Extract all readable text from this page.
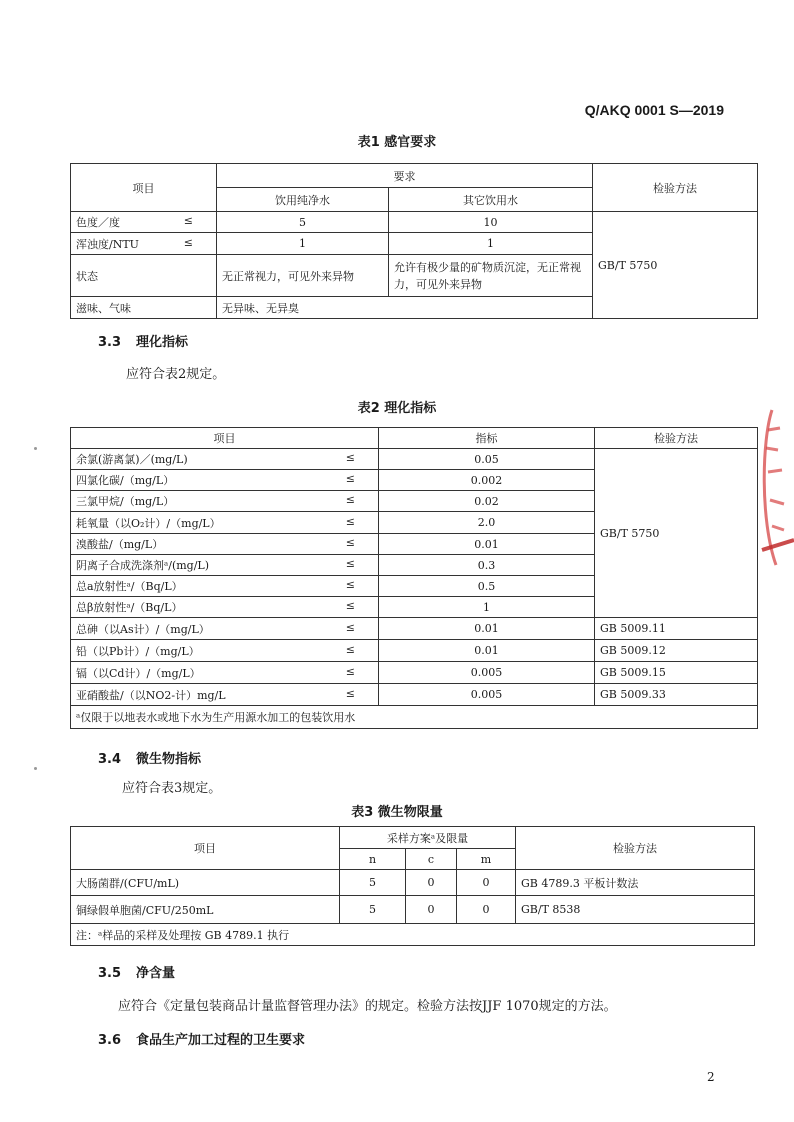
Q/AKQ 0001 S—2019
表1 感官要求
项目	要求		检验方法
	饮用纯净水	其它饮用水	
色度／度 ≤	5	10	GB/T 5750
浑浊度/NTU ≤	1	1	
状态	无正常视力，可见外来异物	允许有极少量的矿物质沉淀，无正常视力，可见外来异物	
滋味、气味	无异味、无异臭		
3.3 理化指标
应符合表2规定。
表2 理化指标
项目	指标	检验方法
余氯(游离氯)／(mg/L) ≤	0.05	GB/T 5750
四氯化碳/（mg/L） ≤	0.002	
三氯甲烷/（mg/L） ≤	0.02	
耗氧量（以O₂计）/（mg/L） ≤	2.0	
溴酸盐/（mg/L） ≤	0.01	
阴离子合成洗涤剂ᵃ/(mg/L) ≤	0.3	
总a放射性ᵃ/（Bq/L） ≤	0.5	
总β放射性ᵃ/（Bq/L） ≤	1	
总砷（以As计）/（mg/L） ≤	0.01	GB 5009.11
铅（以Pb计）/（mg/L） ≤	0.01	GB 5009.12
镉（以Cd计）/（mg/L） ≤	0.005	GB 5009.15
亚硝酸盐/（以NO2-计）mg/L ≤	0.005	GB 5009.33
ᵃ仅限于以地表水或地下水为生产用源水加工的包装饮用水		
3.4 微生物指标
应符合表3规定。
表3 微生物限量
项目	采样方案ᵃ及限量			检验方法
	n	c	m	
大肠菌群/(CFU/mL)	5	0	0	GB 4789.3 平板计数法
铜绿假单胞菌/CFU/250mL	5	0	0	GB/T 8538
注：ᵃ样品的采样及处理按 GB 4789.1 执行				
3.5 净含量
应符合《定量包装商品计量监督管理办法》的规定。检验方法按JJF 1070规定的方法。
3.6 食品生产加工过程的卫生要求
2
